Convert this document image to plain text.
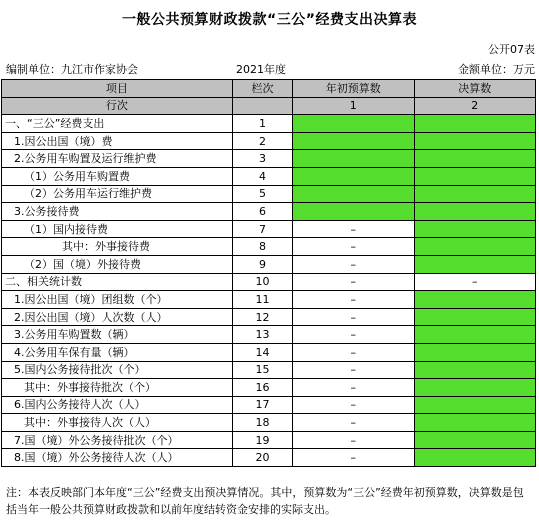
一般公共预算财政拨款“三公”经费支出决算表
公开07表
编制单位：九江市作家协会	2021年度	金额单位：万元
项目	栏次	年初预算数	决算数
行次		1	2
一、“三公”经费支出	1		
1.因公出国（境）费	2		
2.公务用车购置及运行维护费	3		
（1）公务用车购置费	4		
（2）公务用车运行维护费	5		
3.公务接待费	6		
（1）国内接待费	7	–	
其中：外事接待费	8	–	
（2）国（境）外接待费	9	–	
二、相关统计数	10	–	–
1.因公出国（境）团组数（个）	11	–	
2.因公出国（境）人次数（人）	12	–	
3.公务用车购置数（辆）	13	–	
4.公务用车保有量（辆）	14	–	
5.国内公务接待批次（个）	15	–	
其中：外事接待批次（个）	16	–	
6.国内公务接待人次（人）	17	–	
其中：外事接待人次（人）	18	–	
7.国（境）外公务接待批次（个）	19	–	
8.国（境）外公务接待人次（人）	20	–	
注：本表反映部门本年度“三公”经费支出预决算情况。其中，预算数为“三公”经费年初预算数，决算数是包括当年一般公共预算财政拨款和以前年度结转资金安排的实际支出。
